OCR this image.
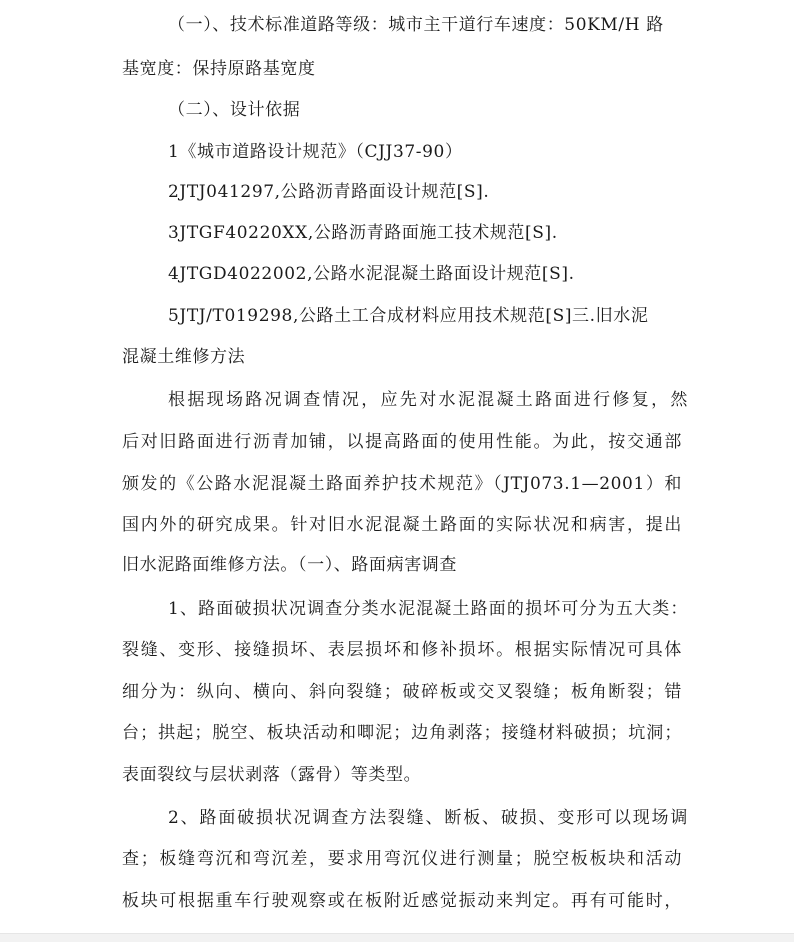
（一）、技术标准道路等级：城市主干道行车速度：50KM/H 路
基宽度：保持原路基宽度
（二）、设计依据
1《城市道路设计规范》（CJJ37-90）
2JTJ041297,公路沥青路面设计规范[S].
3JTGF40220XX,公路沥青路面施工技术规范[S].
4JTGD4022002,公路水泥混凝土路面设计规范[S].
5JTJ/T019298,公路土工合成材料应用技术规范[S]三.旧水泥
混凝土维修方法
根据现场路况调查情况，应先对水泥混凝土路面进行修复，然
后对旧路面进行沥青加铺，以提高路面的使用性能。为此，按交通部
颁发的《公路水泥混凝土路面养护技术规范》（JTJ073.1—2001）和
国内外的研究成果。针对旧水泥混凝土路面的实际状况和病害，提出
旧水泥路面维修方法。（一）、路面病害调查
1、路面破损状况调查分类水泥混凝土路面的损坏可分为五大类：
裂缝、变形、接缝损坏、表层损坏和修补损坏。根据实际情况可具体
细分为：纵向、横向、斜向裂缝；破碎板或交叉裂缝；板角断裂；错
台；拱起；脱空、板块活动和唧泥；边角剥落；接缝材料破损；坑洞；
表面裂纹与层状剥落（露骨）等类型。
2、路面破损状况调查方法裂缝、断板、破损、变形可以现场调
查；板缝弯沉和弯沉差，要求用弯沉仪进行测量；脱空板板块和活动
板块可根据重车行驶观察或在板附近感觉振动来判定。再有可能时，
